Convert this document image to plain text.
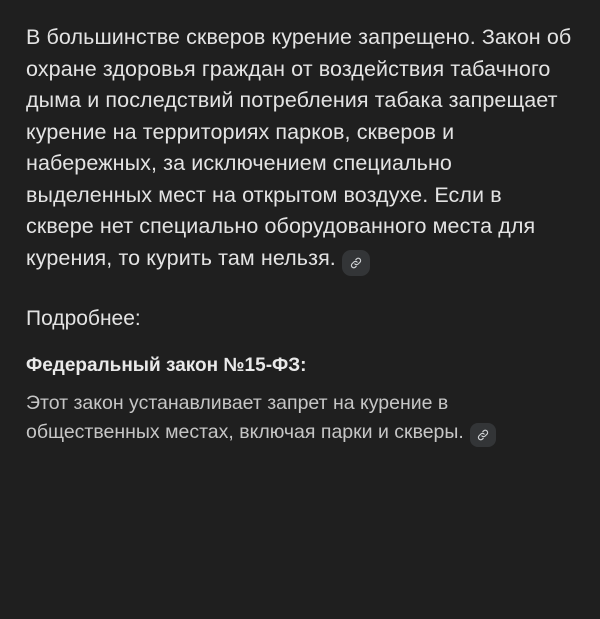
В большинстве скверов курение запрещено. Закон об охране здоровья граждан от воздействия табачного дыма и последствий потребления табака запрещает курение на территориях парков, скверов и набережных, за исключением специально выделенных мест на открытом воздухе. Если в сквере нет специально оборудованного места для курения, то курить там нельзя.

Подробнее:
Федеральный закон №15-ФЗ:

Этот закон устанавливает запрет на курение в общественных местах, включая парки и скверы.
